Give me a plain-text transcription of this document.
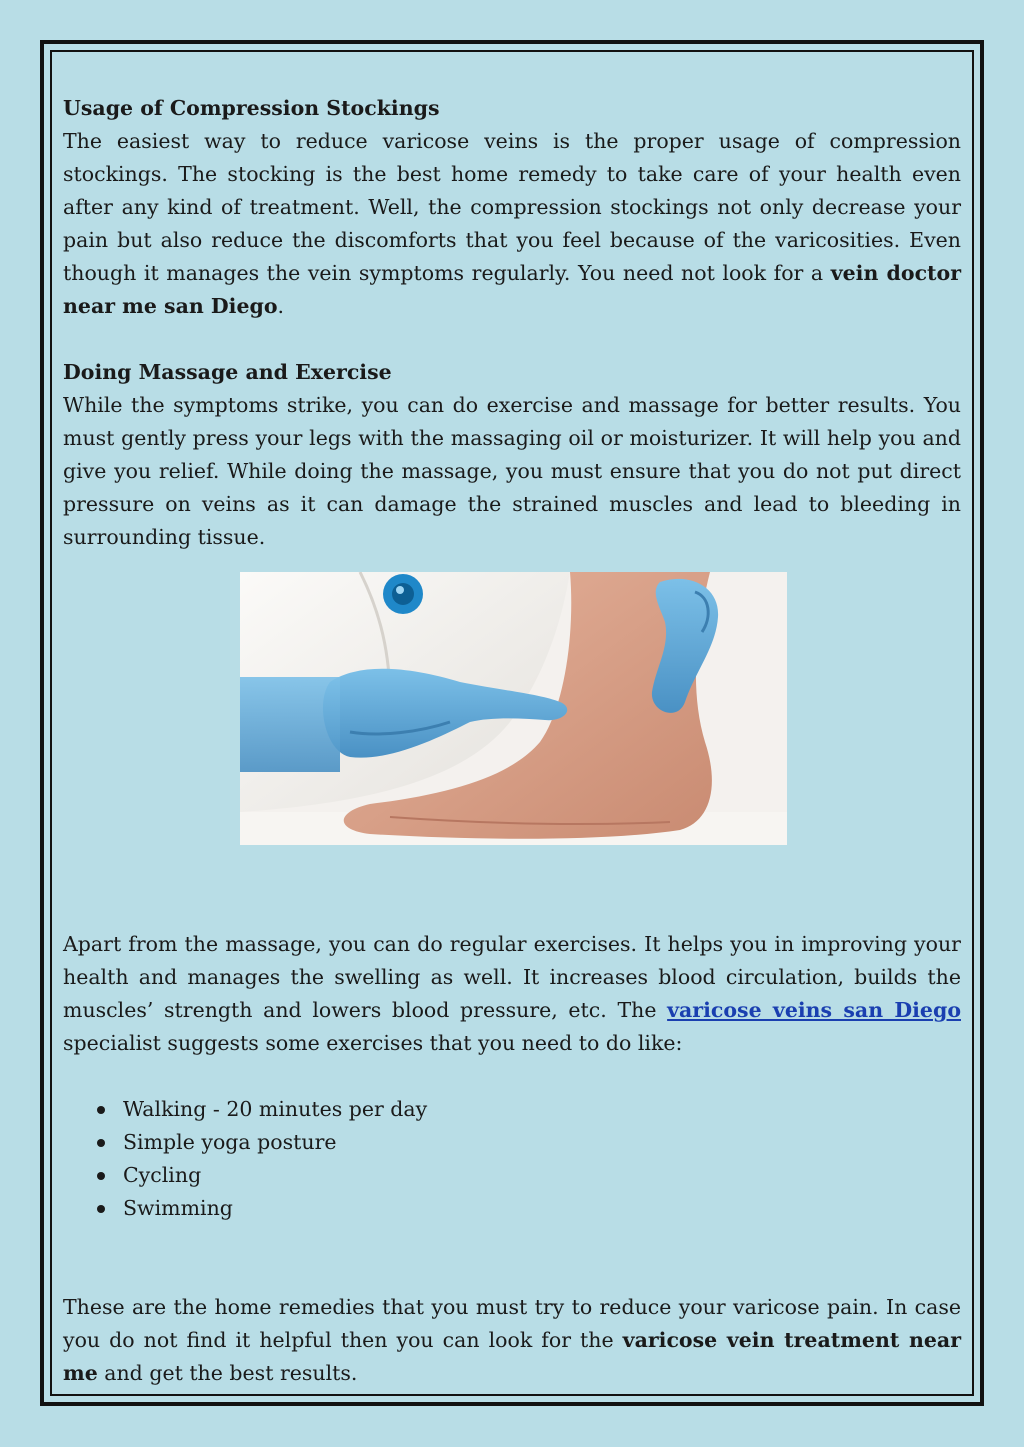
Usage of Compression Stockings

The easiest way to reduce varicose veins is the proper usage of compression stockings. The stocking is the best home remedy to take care of your health even after any kind of treatment. Well, the compression stockings not only decrease your pain but also reduce the discomforts that you feel because of the varicosities. Even though it manages the vein symptoms regularly. You need not look for a vein doctor near me san Diego.

Doing Massage and Exercise

While the symptoms strike, you can do exercise and massage for better results. You must gently press your legs with the massaging oil or moisturizer. It will help you and give you relief. While doing the massage, you must ensure that you do not put direct pressure on veins as it can damage the strained muscles and lead to bleeding in surrounding tissue.

Apart from the massage, you can do regular exercises. It helps you in improving your health and manages the swelling as well. It increases blood circulation, builds the muscles’ strength and lowers blood pressure, etc. The varicose veins san Diego specialist suggests some exercises that you need to do like:

Walking - 20 minutes per day
Simple yoga posture
Cycling
Swimming

These are the home remedies that you must try to reduce your varicose pain. In case you do not find it helpful then you can look for the varicose vein treatment near me and get the best results.
